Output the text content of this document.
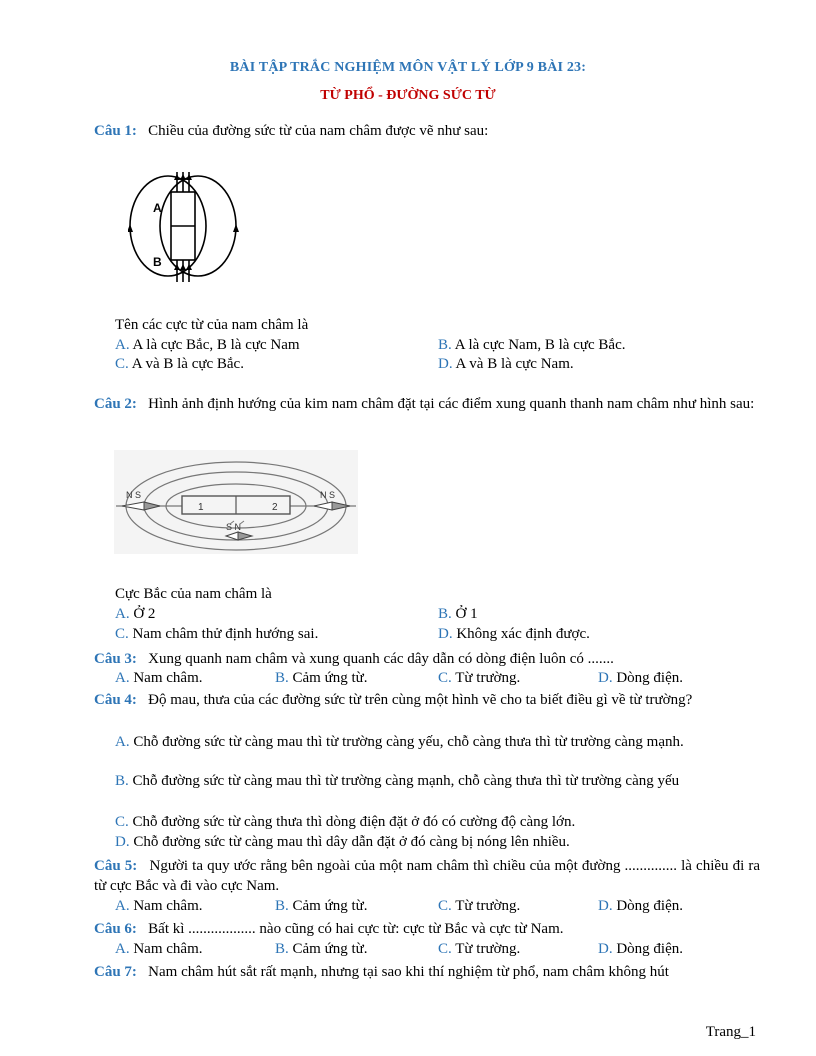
BÀI TẬP TRẮC NGHIỆM MÔN VẬT LÝ LỚP 9 BÀI 23:
TỪ PHỔ - ĐƯỜNG SỨC TỪ
Câu 1: Chiều của đường sức từ của nam châm được vẽ như sau:
A
B
Tên các cực từ của nam châm là
A. A là cực Bắc, B là cực Nam	B. A là cực Nam, B là cực Bắc.
C. A và B là cực Bắc.	D. A và B là cực Nam.
Câu 2: Hình ảnh định hướng của kim nam châm đặt tại các điểm xung quanh thanh nam châm như hình sau:
1	2
N S	N S
S N
Cực Bắc của nam châm là
A. Ở 2	B. Ở 1
C. Nam châm thử định hướng sai.	D. Không xác định được.
Câu 3: Xung quanh nam châm và xung quanh các dây dẫn có dòng điện luôn có .......
A. Nam châm.	B. Cảm ứng từ.	C. Từ trường.	D. Dòng điện.
Câu 4: Độ mau, thưa của các đường sức từ trên cùng một hình vẽ cho ta biết điều gì về từ trường?
A. Chỗ đường sức từ càng mau thì từ trường càng yếu, chỗ càng thưa thì từ trường càng mạnh.
B. Chỗ đường sức từ càng mau thì từ trường càng mạnh, chỗ càng thưa thì từ trường càng yếu
C. Chỗ đường sức từ càng thưa thì dòng điện đặt ở đó có cường độ càng lớn.
D. Chỗ đường sức từ càng mau thì dây dẫn đặt ở đó càng bị nóng lên nhiều.
Câu 5: Người ta quy ước rằng bên ngoài của một nam châm thì chiều của một đường .............. là chiều đi ra từ cực Bắc và đi vào cực Nam.
A. Nam châm.	B. Cảm ứng từ.	C. Từ trường.	D. Dòng điện.
Câu 6: Bất kì .................. nào cũng có hai cực từ: cực từ Bắc và cực từ Nam.
A. Nam châm.	B. Cảm ứng từ.	C. Từ trường.	D. Dòng điện.
Câu 7: Nam châm hút sắt rất mạnh, nhưng tại sao khi thí nghiệm từ phổ, nam châm không hút
Trang_1
